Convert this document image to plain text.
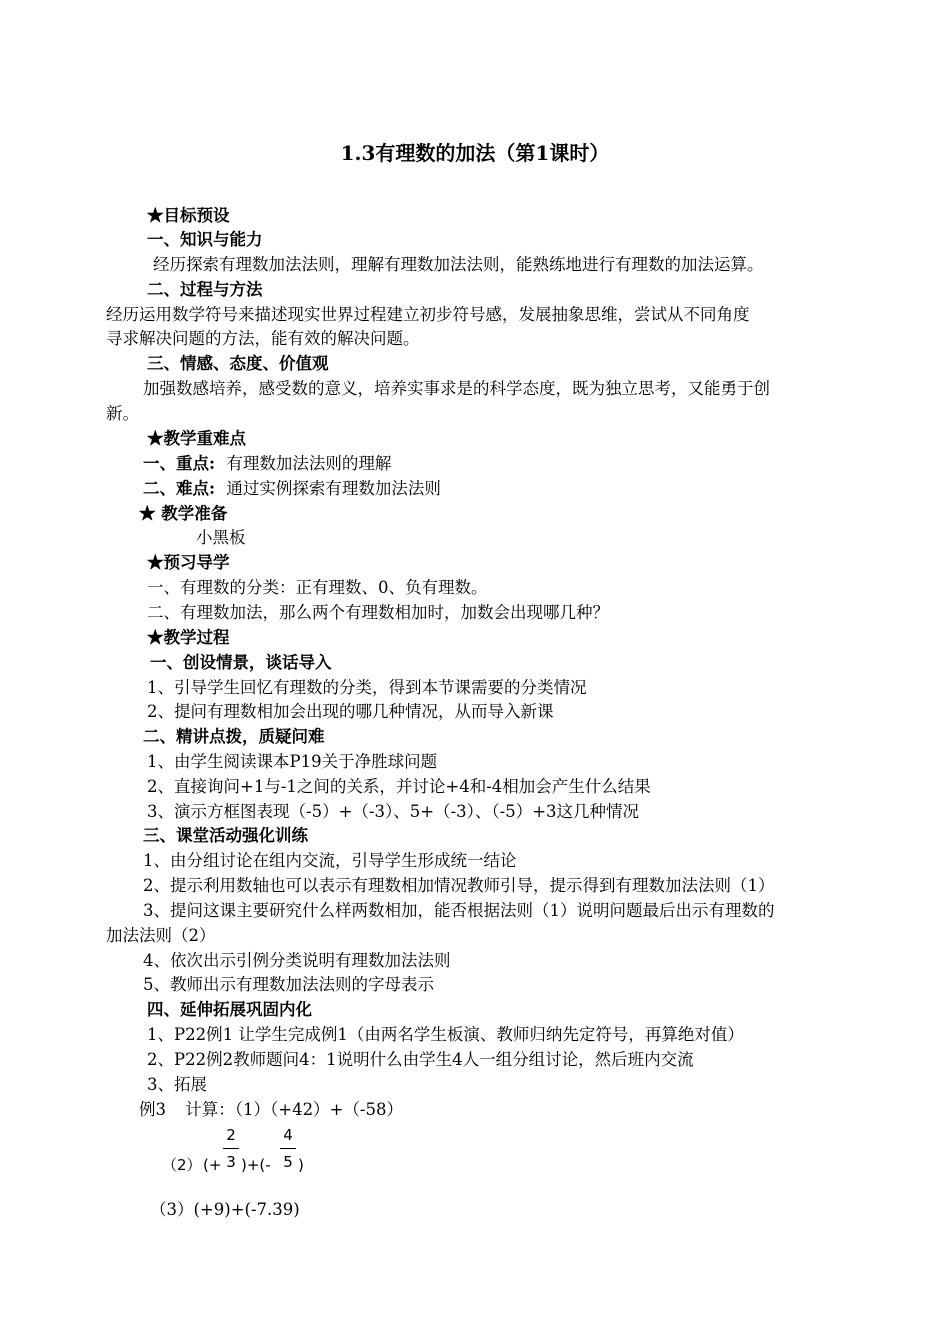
1.3有理数的加法（第1课时）
★目标预设
一、知识与能力
经历探索有理数加法法则，理解有理数加法法则，能熟练地进行有理数的加法运算。
二、过程与方法
经历运用数学符号来描述现实世界过程建立初步符号感，发展抽象思维，尝试从不同角度
寻求解决问题的方法，能有效的解决问题。
三、情感、态度、价值观
加强数感培养，感受数的意义，培养实事求是的科学态度，既为独立思考，又能勇于创
新。
★教学重难点
一、重点: 有理数加法法则的理解
二、难点: 通过实例探索有理数加法法则
★ 教学准备
小黑板
★预习导学
一、有理数的分类：正有理数、0、负有理数。
二、有理数加法，那么两个有理数相加时，加数会出现哪几种？
★教学过程
一、创设情景，谈话导入
1、引导学生回忆有理数的分类，得到本节课需要的分类情况
2、提问有理数相加会出现的哪几种情况，从而导入新课
二、精讲点拨，质疑问难
1、由学生阅读课本P19关于净胜球问题
2、直接询问+1与-1之间的关系，并讨论+4和-4相加会产生什么结果
3、演示方框图表现（-5）+（-3）、5+（-3）、（-5）+3这几种情况
三、课堂活动强化训练
1、由分组讨论在组内交流，引导学生形成统一结论
2、提示利用数轴也可以表示有理数相加情况教师引导，提示得到有理数加法法则（1）
3、提问这课主要研究什么样两数相加，能否根据法则（1）说明问题最后出示有理数的
加法法则（2）
4、依次出示引例分类说明有理数加法法则
5、教师出示有理数加法法则的字母表示
四、延伸拓展巩固内化
1、P22例1 让学生完成例1（由两名学生板演、教师归纳先定符号，再算绝对值）
2、P22例2教师题问4：1说明什么由学生4人一组分组讨论，然后班内交流
3、拓展
例3 计算：（1）（+42）+（-58）
（2） (+
2
3 )+(-
4
5 )
（3）(+9)+(-7.39)
